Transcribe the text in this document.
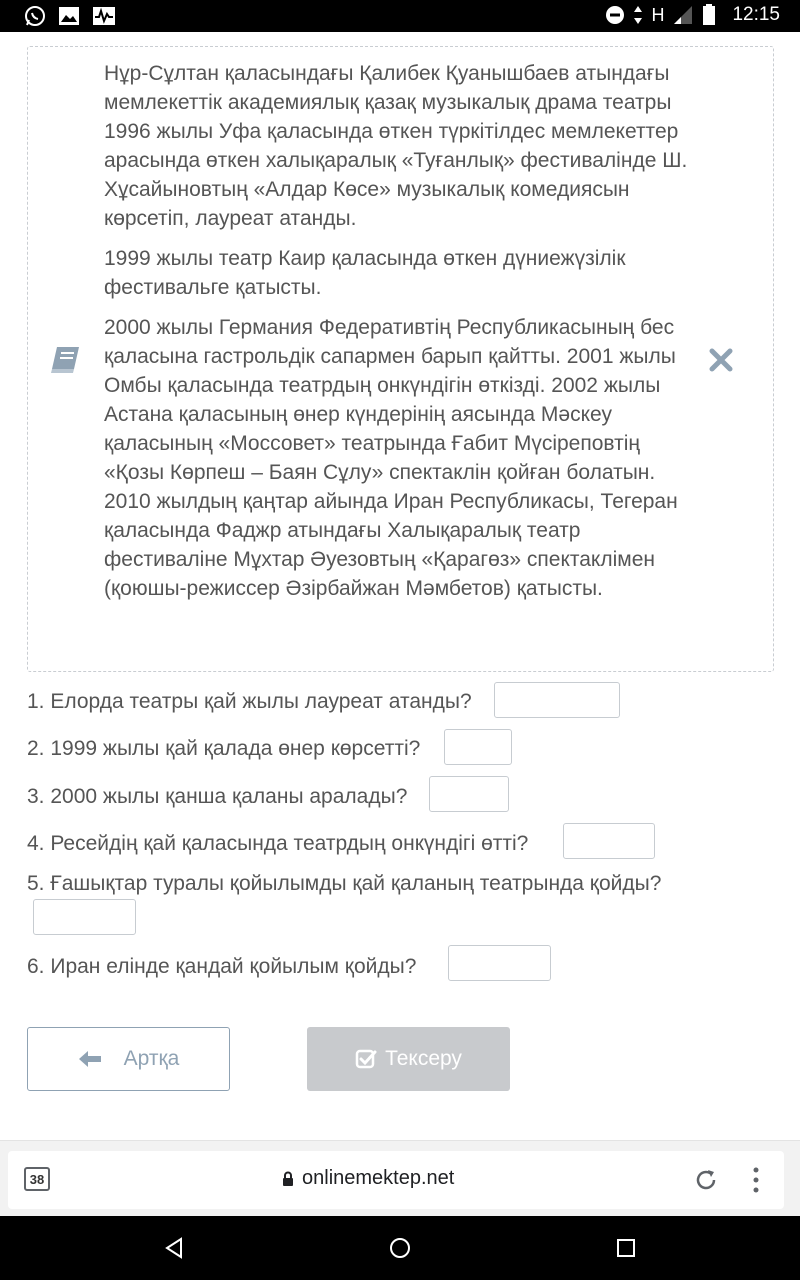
H	12:15

Нұр-Сұлтан қаласындағы Қалибек Қуанышбаев атындағы мемлекеттік академиялық қазақ музыкалық драма театры 1996 жылы Уфа қаласында өткен түркітілдес мемлекеттер арасында өткен халықаралық «Туғанлық» фестивалінде Ш. Хұсайыновтың «Алдар Көсе» музыкалық комедиясын көрсетіп, лауреат атанды.

1999 жылы театр Каир қаласында өткен дүниежүзілік фестивальге қатысты.

2000 жылы Германия Федеративтің Республикасының бес қаласына гастрольдік сапармен барып қайтты. 2001 жылы Омбы қаласында театрдың онкүндігін өткізді. 2002 жылы Астана қаласының өнер күндерінің аясында Мәскеу қаласының «Моссовет» театрында Ғабит Мүсіреповтің «Қозы Көрпеш – Баян Сұлу» спектаклін қойған болатын. 2010 жылдың қаңтар айында Иран Республикасы, Тегеран қаласында Фаджр атындағы Халықаралық театр фестиваліне Мұхтар Әуезовтың «Қарагөз» спектаклімен (қоюшы-режиссер Әзірбайжан Мәмбетов) қатысты.

1. Елорда театры қай жылы лауреат атанды?
2. 1999 жылы қай қалада өнер көрсетті?
3. 2000 жылы қанша қаланы аралады?
4. Ресейдің қай қаласында театрдың онкүндігі өтті?
5. Ғашықтар туралы қойылымды қай қаланың театрында қойды?
6. Иран елінде қандай қойылым қойды?
Артқа	Тексеру
38	onlinemektep.net
